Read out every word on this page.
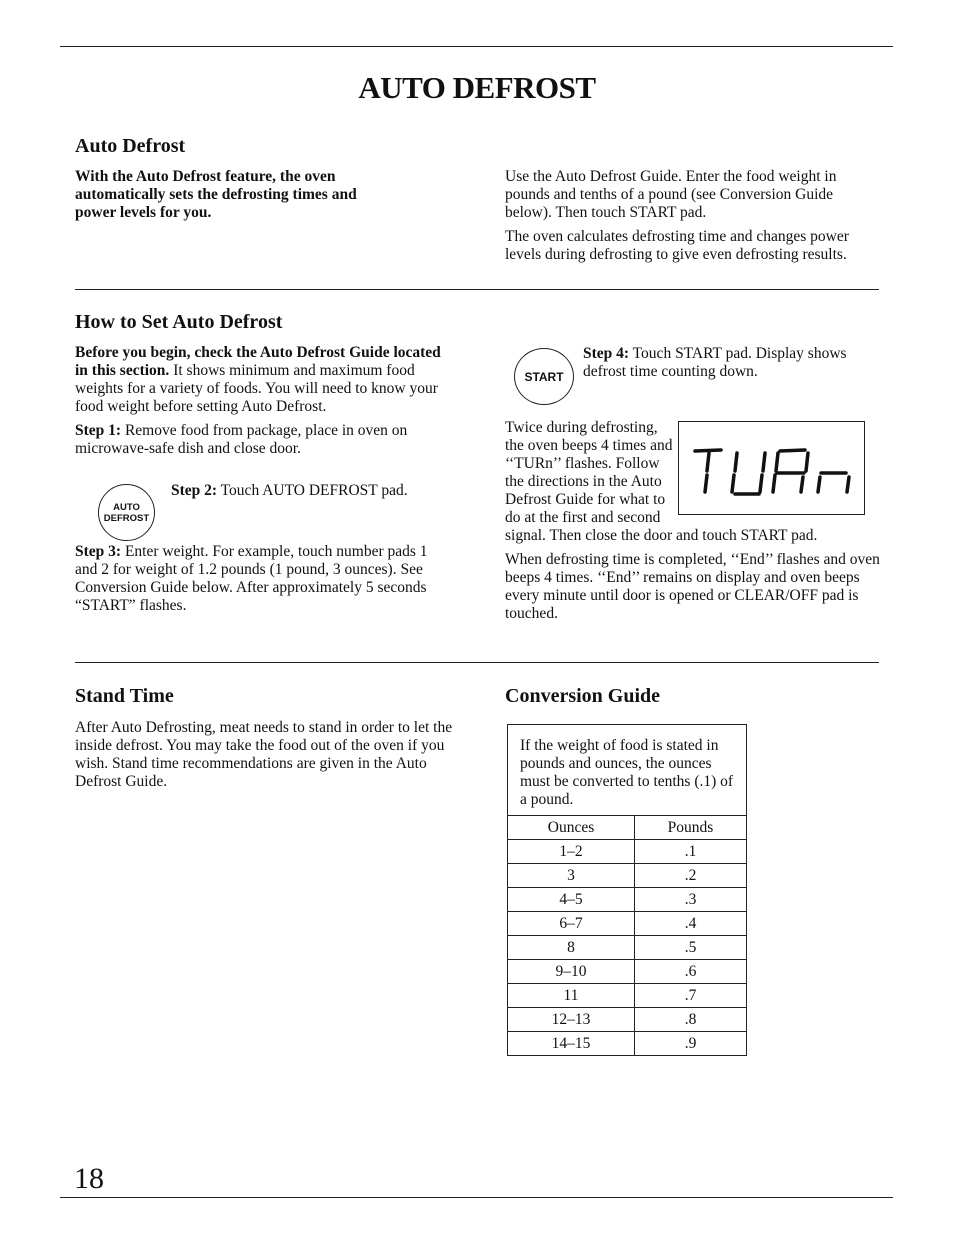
AUTO DEFROST
Auto Defrost
With the Auto Defrost feature, the oven automatically sets the defrosting times and power levels for you.

Use the Auto Defrost Guide. Enter the food weight in pounds and tenths of a pound (see Conversion Guide below). Then touch START pad.

The oven calculates defrosting time and changes power levels during defrosting to give even defrosting results.

How to Set Auto Defrost

Before you begin, check the Auto Defrost Guide located in this section. It shows minimum and maximum food weights for a variety of foods. You will need to know your food weight before setting Auto Defrost.

Step 1: Remove food from package, place in oven on microwave-safe dish and close door.

AUTO
DEFROST
Step 2: Touch AUTO DEFROST pad.
Step 3: Enter weight. For example, touch number pads 1 and 2 for weight of 1.2 pounds (1 pound, 3 ounces). See Conversion Guide below. After approximately 5 seconds “START” flashes.
START
Step 4: Touch START pad. Display shows defrost time counting down.

Twice during defrosting, the oven beeps 4 times and ‘‘TURn’’ flashes. Follow the directions in the Auto Defrost Guide for what to do at the first and second signal. Then close the door and touch START pad.

When defrosting time is completed, ‘‘End’’ flashes and oven beeps 4 times. ‘‘End’’ remains on display and oven beeps every minute until door is opened or CLEAR/OFF pad is touched.

Stand Time
After Auto Defrosting, meat needs to stand in order to let the inside defrost. You may take the food out of the oven if you wish. Stand time recommendations are given in the Auto Defrost Guide.
Conversion Guide
If the weight of food is stated in pounds and ounces, the ounces must be converted to tenths (.1) of a pound.
Ounces	Pounds
1–2	.1
3	.2
4–5	.3
6–7	.4
8	.5
9–10	.6
11	.7
12–13	.8
14–15	.9
18
